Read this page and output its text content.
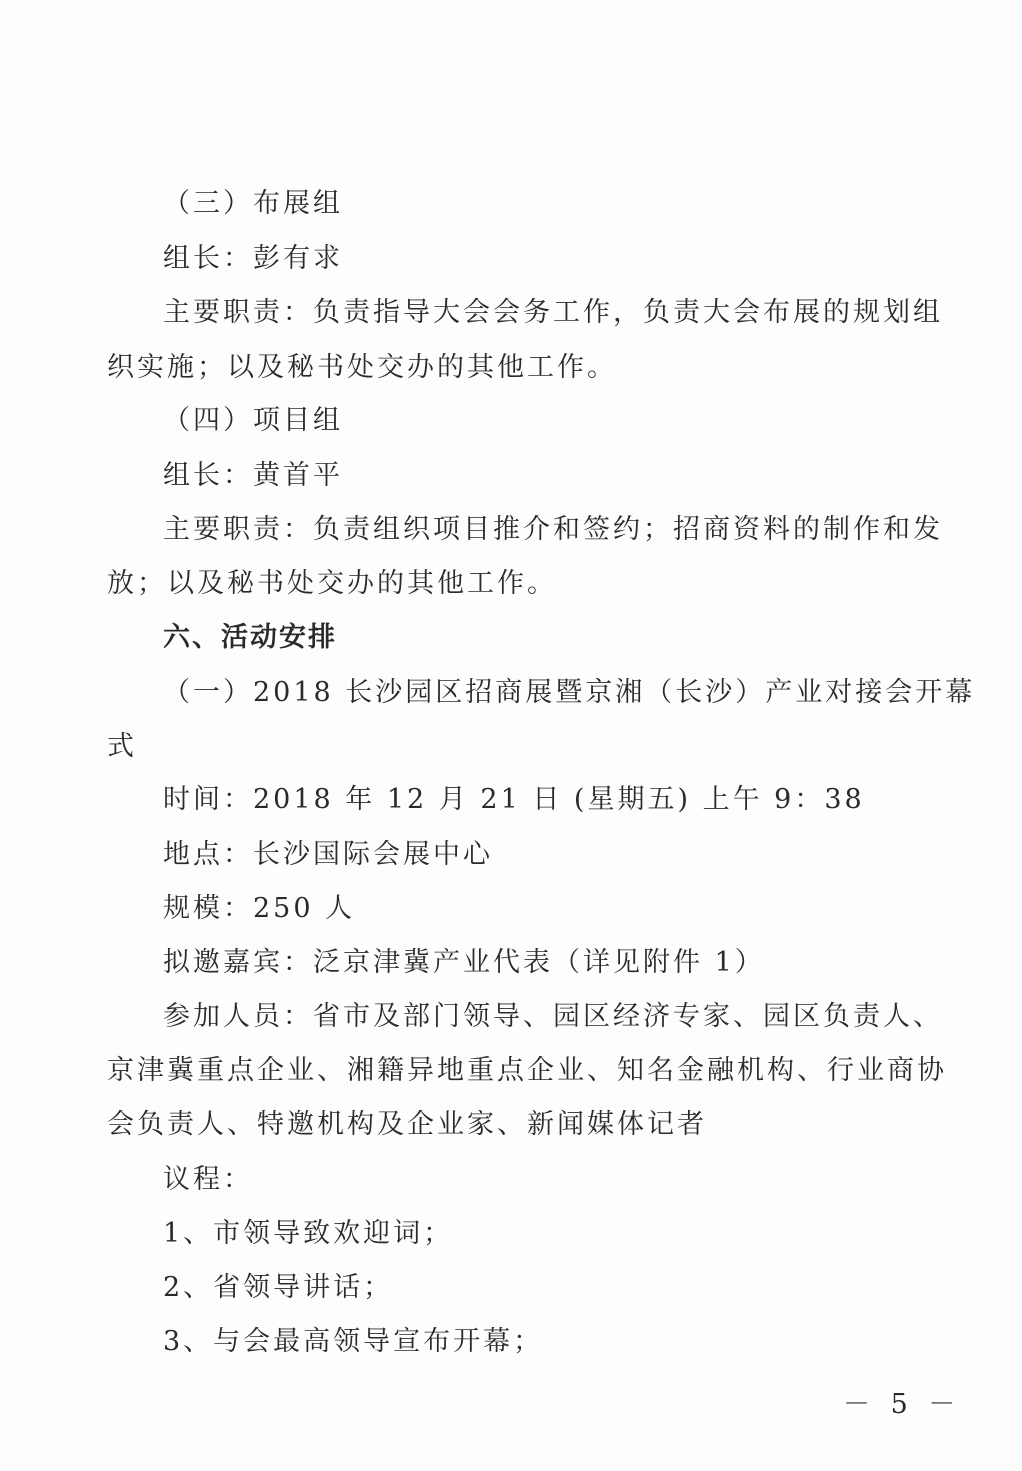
（三）布展组
组长：彭有求
主要职责：负责指导大会会务工作，负责大会布展的规划组
织实施；以及秘书处交办的其他工作。
（四）项目组
组长：黄首平
主要职责：负责组织项目推介和签约；招商资料的制作和发
放；以及秘书处交办的其他工作。
六、活动安排
（一）2018 长沙园区招商展暨京湘（长沙）产业对接会开幕
式
时间：2018 年 12 月 21 日 (星期五) 上午 9：38
地点：长沙国际会展中心
规模：250 人
拟邀嘉宾：泛京津冀产业代表（详见附件 1）
参加人员：省市及部门领导、园区经济专家、园区负责人、
京津冀重点企业、湘籍异地重点企业、知名金融机构、行业商协
会负责人、特邀机构及企业家、新闻媒体记者
议程：
1、市领导致欢迎词；
2、省领导讲话；
3、与会最高领导宣布开幕；
－ 5 －
